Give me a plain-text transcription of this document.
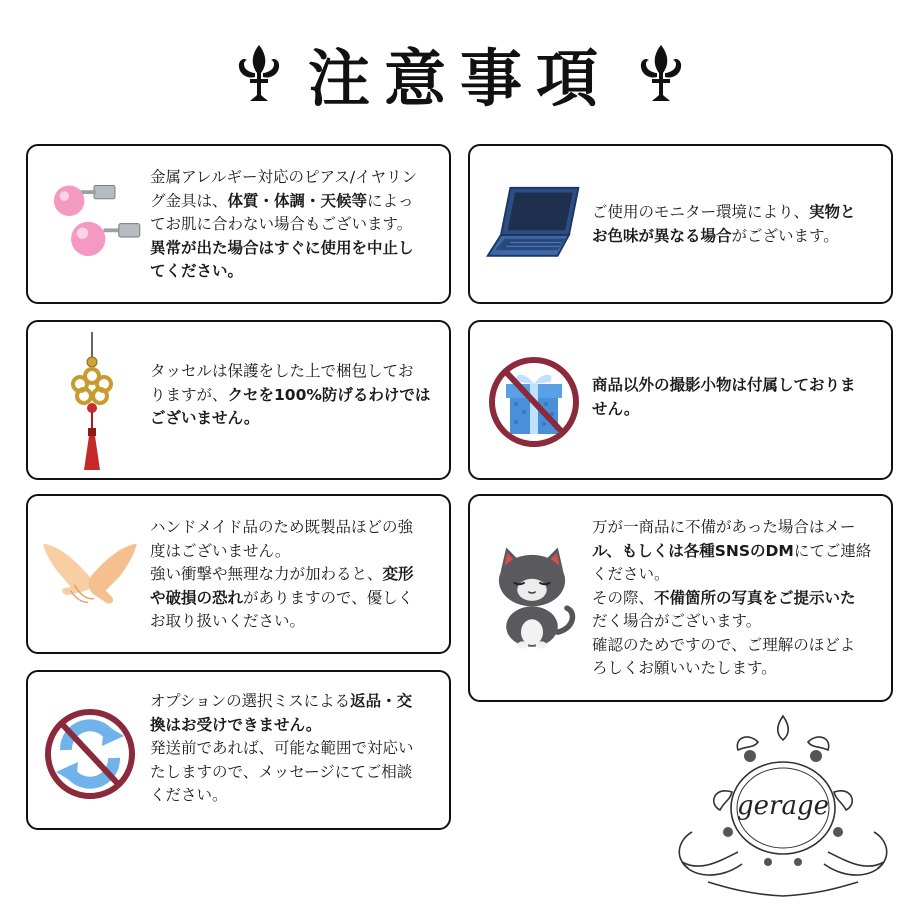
注意事項

金属アレルギー対応のピアス/イヤリン

グ金具は、体質・体調・天候等によっ

てお肌に合わない場合もございます。

異常が出た場合はすぐに使用を中止し

てください。

ご使用のモニター環境により、実物と

お色味が異なる場合がございます。

タッセルは保護をした上で梱包してお

りますが、クセを100%防げるわけでは

ございません。

商品以外の撮影小物は付属しておりま

せん。

ハンドメイド品のため既製品ほどの強

度はございません。

強い衝撃や無理な力が加わると、変形

や破損の恐れがありますので、優しく

お取り扱いください。

万が一商品に不備があった場合はメー

ル、もしくは各種SNSのDMにてご連絡

ください。

その際、不備箇所の写真をご提示いた

だく場合がございます。

確認のためですので、ご理解のほどよ

ろしくお願いいたします。

オプションの選択ミスによる返品・交

換はお受けできません。

発送前であれば、可能な範囲で対応い

たしますので、メッセージにてご相談

ください。	gerage
